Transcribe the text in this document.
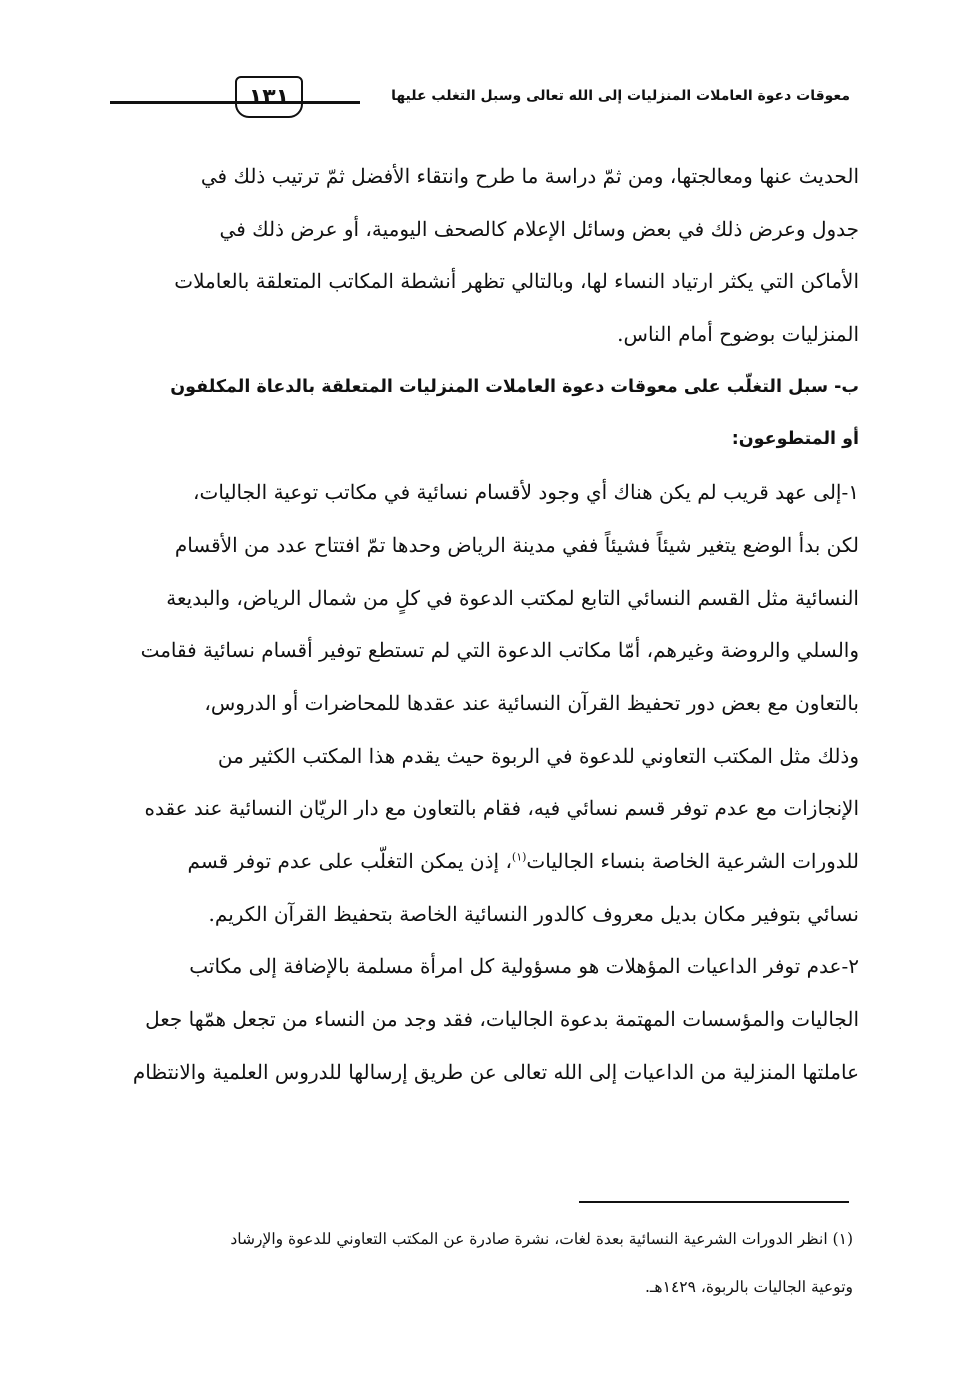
معوقات دعوة العاملات المنزليات إلى الله تعالى وسبل التغلب عليها
١٣١
الحديث عنها ومعالجتها، ومن ثمّ دراسة ما طرح وانتقاء الأفضل ثمّ ترتيب ذلك في
جدول وعرض ذلك في بعض وسائل الإعلام كالصحف اليومية، أو عرض ذلك في
الأماكن التي يكثر ارتياد النساء لها، وبالتالي تظهر أنشطة المكاتب المتعلقة بالعاملات
المنزليات بوضوح أمام الناس.
ب- سبل التغلّب على معوقات دعوة العاملات المنزليات المتعلقة بالدعاة المكلفون
أو المتطوعون:
١-إلى عهد قريب لم يكن هناك أي وجود لأقسام نسائية في مكاتب توعية الجاليات،
لكن بدأ الوضع يتغير شيئاً فشيئاً ففي مدينة الرياض وحدها تمّ افتتاح عدد من الأقسام
النسائية مثل القسم النسائي التابع لمكتب الدعوة في كلٍ من شمال الرياض، والبديعة
والسلي والروضة وغيرهم، أمّا مكاتب الدعوة التي لم تستطع توفير أقسام نسائية فقامت
بالتعاون مع بعض دور تحفيظ القرآن النسائية عند عقدها للمحاضرات أو الدروس،
وذلك مثل المكتب التعاوني للدعوة في الربوة حيث يقدم هذا المكتب الكثير من
الإنجازات مع عدم توفر قسم نسائي فيه، فقام بالتعاون مع دار الريّان النسائية عند عقده
للدورات الشرعية الخاصة بنساء الجاليات$^{(١)}$، إذن يمكن التغلّب على عدم توفر قسم
نسائي بتوفير مكان بديل معروف كالدور النسائية الخاصة بتحفيظ القرآن الكريم.
٢-عدم توفر الداعيات المؤهلات هو مسؤولية كل امرأة مسلمة بالإضافة إلى مكاتب
الجاليات والمؤسسات المهتمة بدعوة الجاليات، فقد وجد من النساء من تجعل همّها جعل
عاملتها المنزلية من الداعيات إلى الله تعالى عن طريق إرسالها للدروس العلمية والانتظام
(١) انظر الدورات الشرعية النسائية بعدة لغات، نشرة صادرة عن المكتب التعاوني للدعوة والإرشاد
وتوعية الجاليات بالربوة، ١٤٢٩هـ.
